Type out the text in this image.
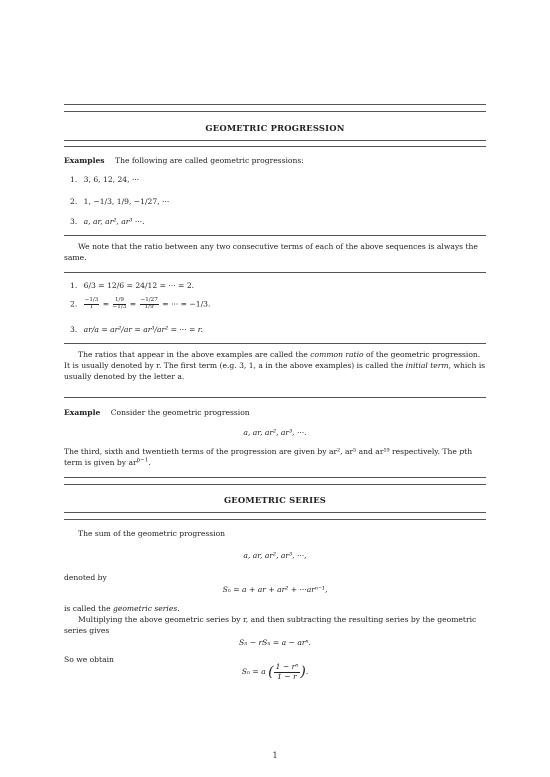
GEOMETRIC PROGRESSION
Examples The following are called geometric progressions:
1. 3, 6, 12, 24, ···
2. 1, −1/3, 1/9, −1/27, ···
3. a, ar, ar², ar³ ···.
We note that the ratio between any two consecutive terms of each of the above sequences is always the same.
1. 6/3 = 12/6 = 24/12 = ··· = 2.
2. $\frac{-1/3}{1} = \frac{1/9}{-1/3} = \frac{-1/27}{1/9}$ = ··· = −1/3.
3. ar/a = ar²/ar = ar³/ar² = ··· = r.
The ratios that appear in the above examples are called the common ratio of the geometric progression. It is usually denoted by r. The first term (e.g. 3, 1, a in the above examples) is called the initial term, which is usually denoted by the letter a.
Example Consider the geometric progression
a, ar, ar², ar³, ···.
The third, sixth and twentieth terms of the progression are given by ar², ar⁵ and ar¹⁹ respectively. The pth term is given by $ar^{p-1}$.
GEOMETRIC SERIES
The sum of the geometric progression
a, ar, ar², ar³, ···,
denoted by
Sₙ = a + ar + ar² + ···arⁿ⁻¹,
is called the geometric series.
Multiplying the above geometric series by r, and then subtracting the resulting series by the geometric series gives
Sₙ − rSₙ = a − arⁿ.
So we obtain
Sₙ = a ( $\frac{\text{1 − rⁿ}}{1 - r}$ ).
1
